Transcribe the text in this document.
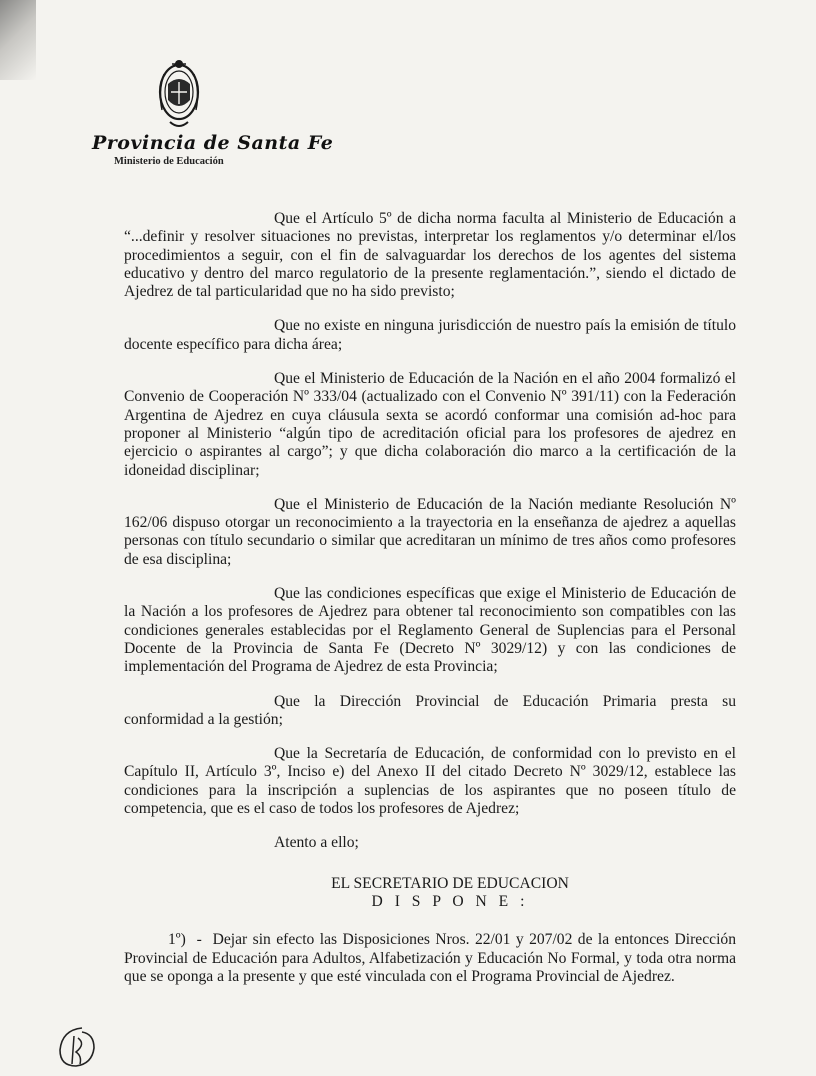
Provincia de Santa Fe
Ministerio de Educación

Que el Artículo 5º de dicha norma faculta al Ministerio de Educación a “...definir y resolver situaciones no previstas, interpretar los reglamentos y/o determinar el/los procedimientos a seguir, con el fin de salvaguardar los derechos de los agentes del sistema educativo y dentro del marco regulatorio de la presente reglamentación.”, siendo el dictado de Ajedrez de tal particularidad que no ha sido previsto;

Que no existe en ninguna jurisdicción de nuestro país la emisión de título docente específico para dicha área;

Que el Ministerio de Educación de la Nación en el año 2004 formalizó el Convenio de Cooperación Nº 333/04 (actualizado con el Convenio Nº 391/11) con la Federación Argentina de Ajedrez en cuya cláusula sexta se acordó conformar una comisión ad-hoc para proponer al Ministerio “algún tipo de acreditación oficial para los profesores de ajedrez en ejercicio o aspirantes al cargo”; y que dicha colaboración dio marco a la certificación de la idoneidad disciplinar;

Que el Ministerio de Educación de la Nación mediante Resolución Nº 162/06 dispuso otorgar un reconocimiento a la trayectoria en la enseñanza de ajedrez a aquellas personas con título secundario o similar que acreditaran un mínimo de tres años como profesores de esa disciplina;

Que las condiciones específicas que exige el Ministerio de Educación de la Nación a los profesores de Ajedrez para obtener tal reconocimiento son compatibles con las condiciones generales establecidas por el Reglamento General de Suplencias para el Personal Docente de la Provincia de Santa Fe (Decreto Nº 3029/12) y con las condiciones de implementación del Programa de Ajedrez de esta Provincia;

Que la Dirección Provincial de Educación Primaria presta su conformidad a la gestión;

Que la Secretaría de Educación, de conformidad con lo previsto en el Capítulo II, Artículo 3º, Inciso e) del Anexo II del citado Decreto Nº 3029/12, establece las condiciones para la inscripción a suplencias de los aspirantes que no poseen título de competencia, que es el caso de todos los profesores de Ajedrez;

Atento a ello;
EL SECRETARIO DE EDUCACION
D I S P O N E :

1º) - Dejar sin efecto las Disposiciones Nros. 22/01 y 207/02 de la entonces Dirección Provincial de Educación para Adultos, Alfabetización y Educación No Formal, y toda otra norma que se oponga a la presente y que esté vinculada con el Programa Provincial de Ajedrez.
